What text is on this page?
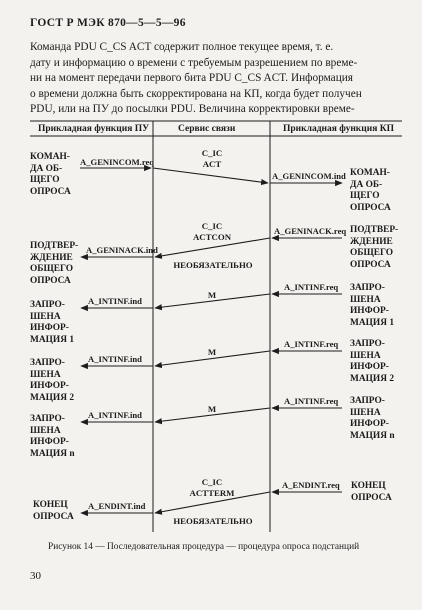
ГОСТ Р МЭК 870—5—5—96
Команда PDU C_CS ACT содержит полное текущее время, т. е.
дату и информацию о времени с требуемым разрешением по време-
ни на момент передачи первого бита PDU C_CS ACT. Информация
о времени должна быть скорректирована на КП, когда будет получен
PDU, или на ПУ до посылки PDU. Величина корректировки време-
Прикладная функция ПУ	Сервис связи	Прикладная функция КП
КОМАН-
ДА ОБ-
ЩЕГО
ОПРОСА
ПОДТВЕР-
ЖДЕНИЕ
ОБЩЕГО
ОПРОСА
ЗАПРО-
ШЕНА
ИНФОР-
МАЦИЯ 1
ЗАПРО-
ШЕНА
ИНФОР-
МАЦИЯ 2
ЗАПРО-
ШЕНА
ИНФОР-
МАЦИЯ n
КОНЕЦ
ОПРОСА
КОМАН-
ДА ОБ-
ЩЕГО
ОПРОСА
ПОДТВЕР-
ЖДЕНИЕ
ОБЩЕГО
ОПРОСА
ЗАПРО-
ШЕНА
ИНФОР-
МАЦИЯ 1
ЗАПРО-
ШЕНА
ИНФОР-
МАЦИЯ 2
ЗАПРО-
ШЕНА
ИНФОР-
МАЦИЯ n
КОНЕЦ
ОПРОСА
A_GENINCOM.req
A_GENINACK.ind
A_INTINF.ind
A_INTINF.ind
A_INTINF.ind
A_ENDINT.ind
A_GENINCOM.ind
A_GENINACK.req
A_INTINF.req
A_INTINF.req
A_INTINF.req
A_ENDINT.req
C_IC
ACT
C_IC
ACTCON
M
M
M
C_IC
ACTTERM
НЕОБЯЗАТЕЛЬНО
НЕОБЯЗАТЕЛЬНО
Рисунок 14 — Последовательная процедура — процедура опроса подстанций
30
